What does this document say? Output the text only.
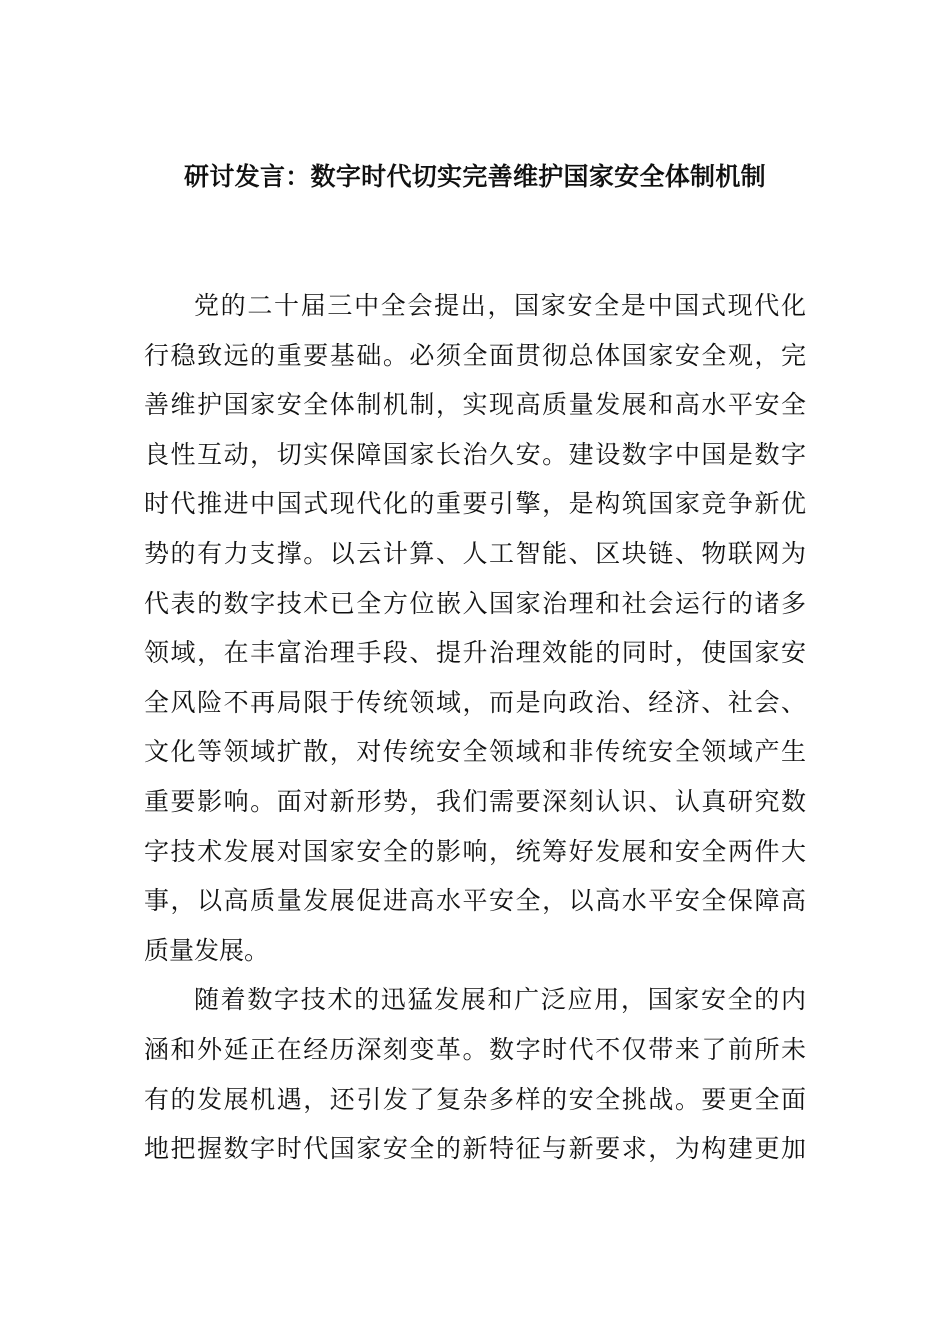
研讨发言：数字时代切实完善维护国家安全体制机制
党的二十届三中全会提出，国家安全是中国式现代化
行稳致远的重要基础。必须全面贯彻总体国家安全观，完
善维护国家安全体制机制，实现高质量发展和高水平安全
良性互动，切实保障国家长治久安。建设数字中国是数字
时代推进中国式现代化的重要引擎，是构筑国家竞争新优
势的有力支撑。以云计算、人工智能、区块链、物联网为
代表的数字技术已全方位嵌入国家治理和社会运行的诸多
领域，在丰富治理手段、提升治理效能的同时，使国家安
全风险不再局限于传统领域，而是向政治、经济、社会、
文化等领域扩散，对传统安全领域和非传统安全领域产生
重要影响。面对新形势，我们需要深刻认识、认真研究数
字技术发展对国家安全的影响，统筹好发展和安全两件大
事，以高质量发展促进高水平安全，以高水平安全保障高
质量发展。
随着数字技术的迅猛发展和广泛应用，国家安全的内
涵和外延正在经历深刻变革。数字时代不仅带来了前所未
有的发展机遇，还引发了复杂多样的安全挑战。要更全面
地把握数字时代国家安全的新特征与新要求，为构建更加
